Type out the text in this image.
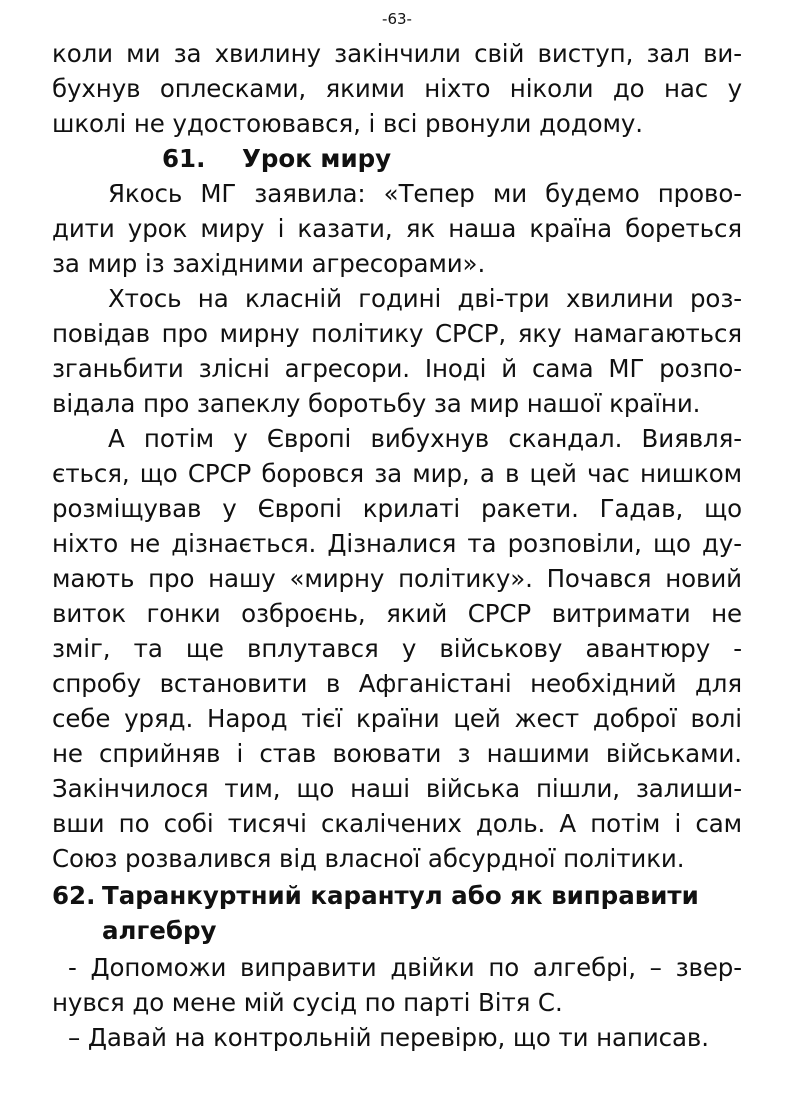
-63-

коли ми за хвилину закінчили свій виступ, зал ви-
бухнув оплесками, якими ніхто ніколи до нас у
школі не удостоювався, і всі рвонули додому.

61. Урок миру

Якось МГ заявила: «Тепер ми будемо прово-
дити урок миру і казати, як наша країна бореться
за мир із західними агресорами».

Хтось на класній годині дві-три хвилини роз-
повідав про мирну політику СРСР, яку намагаються
зганьбити злісні агресори. Іноді й сама МГ розпо-
відала про запеклу боротьбу за мир нашої країни.

А потім у Європі вибухнув скандал. Виявля-
ється, що СРСР боровся за мир, а в цей час нишком
розміщував у Європі крилаті ракети. Гадав, що
ніхто не дізнається. Дізналися та розповіли, що ду-
мають про нашу «мирну політику». Почався новий
виток гонки озброєнь, який СРСР витримати не
зміг, та ще вплутався у військову авантюру -
спробу встановити в Афганістані необхідний для
себе уряд. Народ тієї країни цей жест доброї волі
не сприйняв і став воювати з нашими військами.
Закінчилося тим, що наші війська пішли, залиши-
вши по собі тисячі скалічених доль. А потім і сам
Союз розвалився від власної абсурдної політики.

62. Таранкуртний карантул або як виправити
алгебру

- Допоможи виправити двійки по алгебрі, – звер-
нувся до мене мій сусід по парті Вітя С.

– Давай на контрольній перевірю, що ти написав.
